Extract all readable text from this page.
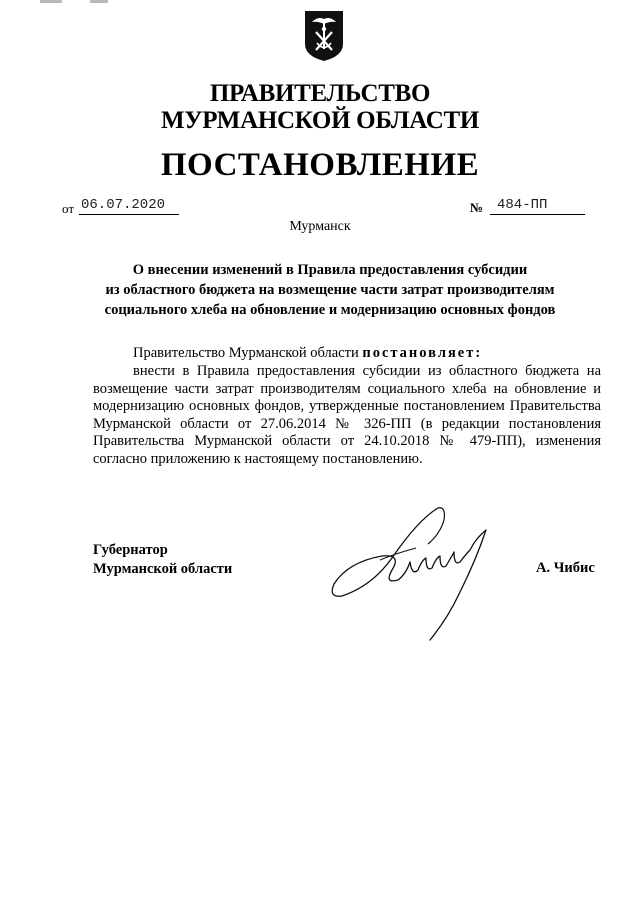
ПРАВИТЕЛЬСТВО
МУРМАНСКОЙ ОБЛАСТИ
ПОСТАНОВЛЕНИЕ
от 06.07.2020	№ 484-ПП
Мурманск
О внесении изменений в Правила предоставления субсидии
из областного бюджета на возмещение части затрат производителям
социального хлеба на обновление и модернизацию основных фондов
Правительство Мурманской области постановляет:
внести в Правила предоставления субсидии из областного бюджета на возмещение части затрат производителям социального хлеба на обновление и модернизацию основных фондов, утвержденные постановлением Правительства Мурманской области от 27.06.2014 № 326-ПП (в редакции постановления Правительства Мурманской области от 24.10.2018 № 479-ПП), изменения согласно приложению к настоящему постановлению.
Губернатор
Мурманской области	А. Чибис
